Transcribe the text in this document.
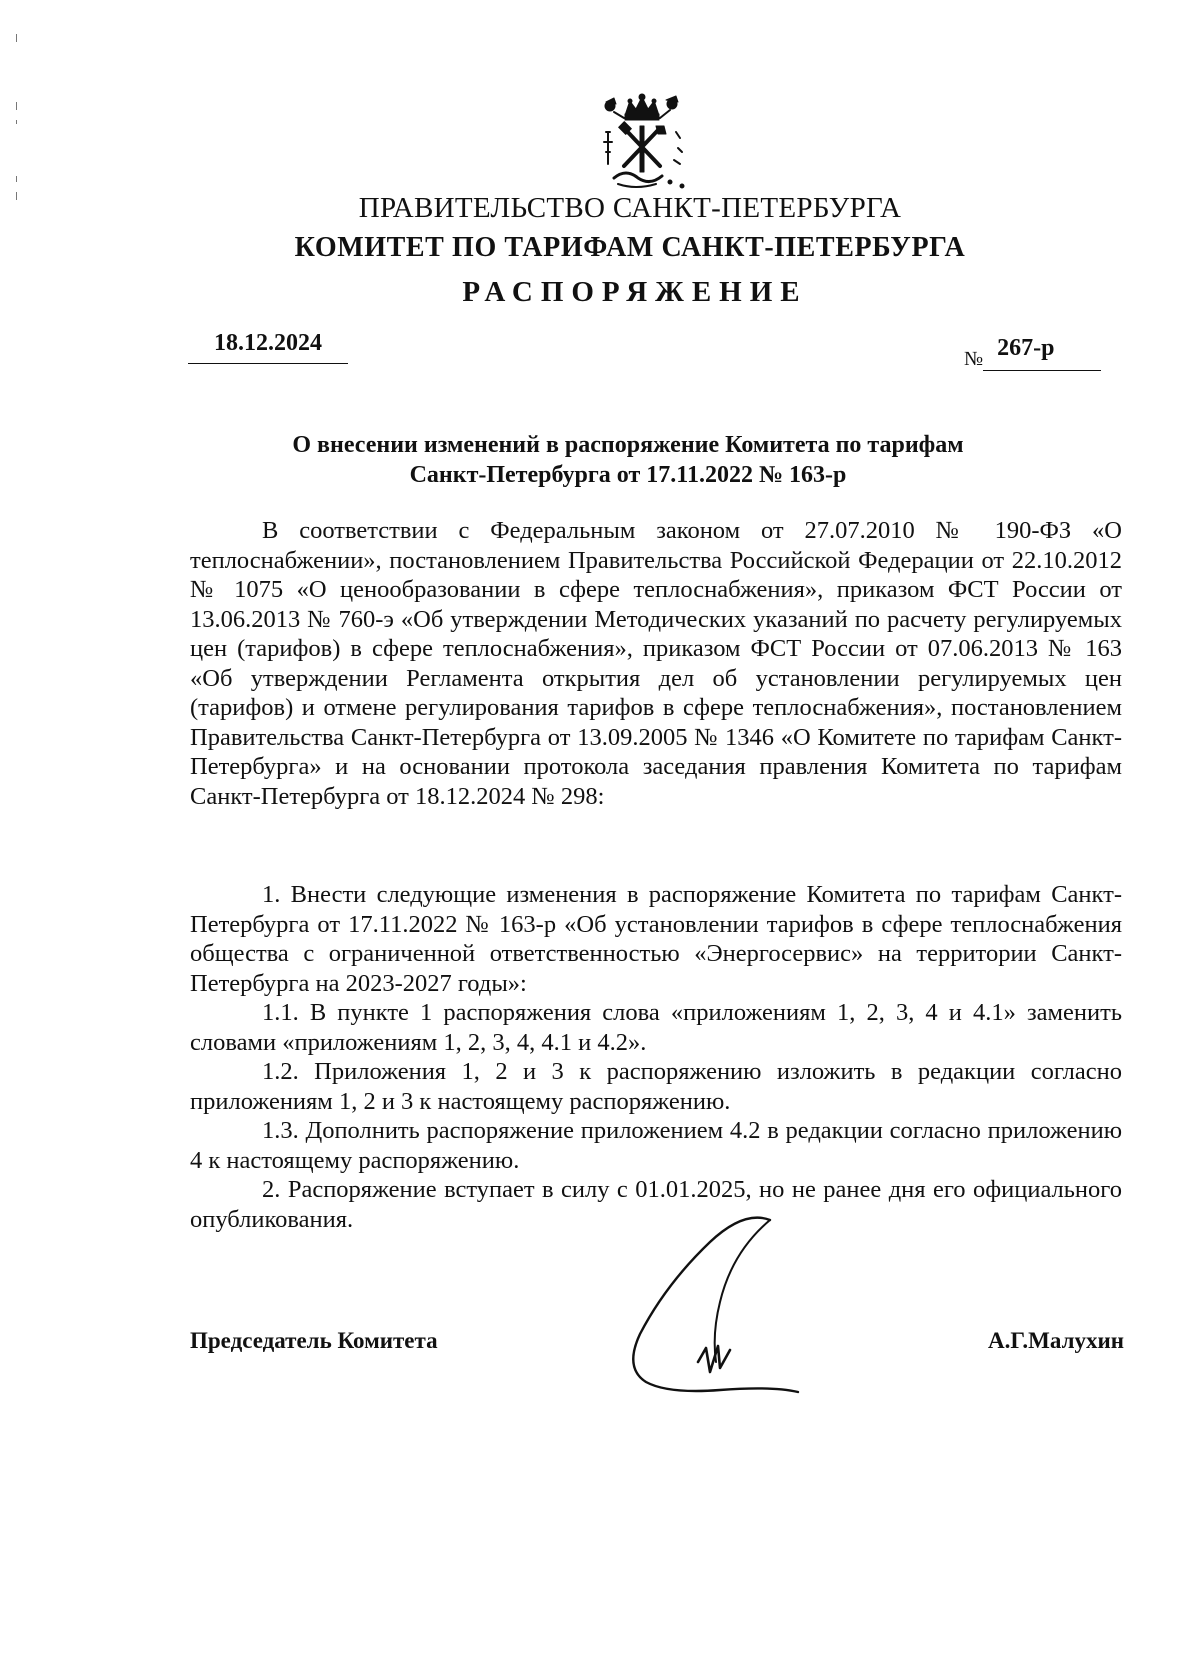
ПРАВИТЕЛЬСТВО САНКТ-ПЕТЕРБУРГА
КОМИТЕТ ПО ТАРИФАМ САНКТ-ПЕТЕРБУРГА
РАСПОРЯЖЕНИЕ
18.12.2024
№ 267-р
О внесении изменений в распоряжение Комитета по тарифам
Санкт-Петербурга от 17.11.2022 № 163-р
В соответствии с Федеральным законом от 27.07.2010 № 190-ФЗ «О теплоснабжении», постановлением Правительства Российской Федерации от 22.10.2012 № 1075 «О ценообразовании в сфере теплоснабжения», приказом ФСТ России от 13.06.2013 № 760-э «Об утверждении Методических указаний по расчету регулируемых цен (тарифов) в сфере теплоснабжения», приказом ФСТ России от 07.06.2013 № 163 «Об утверждении Регламента открытия дел об установлении регулируемых цен (тарифов) и отмене регулирования тарифов в сфере теплоснабжения», постановлением Правительства Санкт-Петербурга от 13.09.2005 № 1346 «О Комитете по тарифам Санкт-Петербурга» и на основании протокола заседания правления Комитета по тарифам Санкт-Петербурга от 18.12.2024 № 298:

1. Внести следующие изменения в распоряжение Комитета по тарифам Санкт-Петербурга от 17.11.2022 № 163-р «Об установлении тарифов в сфере теплоснабжения общества с ограниченной ответственностью «Энергосервис» на территории Санкт-Петербурга на 2023-2027 годы»:

1.1. В пункте 1 распоряжения слова «приложениям 1, 2, 3, 4 и 4.1» заменить словами «приложениям 1, 2, 3, 4, 4.1 и 4.2».

1.2. Приложения 1, 2 и 3 к распоряжению изложить в редакции согласно приложениям 1, 2 и 3 к настоящему распоряжению.

1.3. Дополнить распоряжение приложением 4.2 в редакции согласно приложению 4 к настоящему распоряжению.

2. Распоряжение вступает в силу с 01.01.2025, но не ранее дня его официального опубликования.

Председатель Комитета	А.Г.Малухин
